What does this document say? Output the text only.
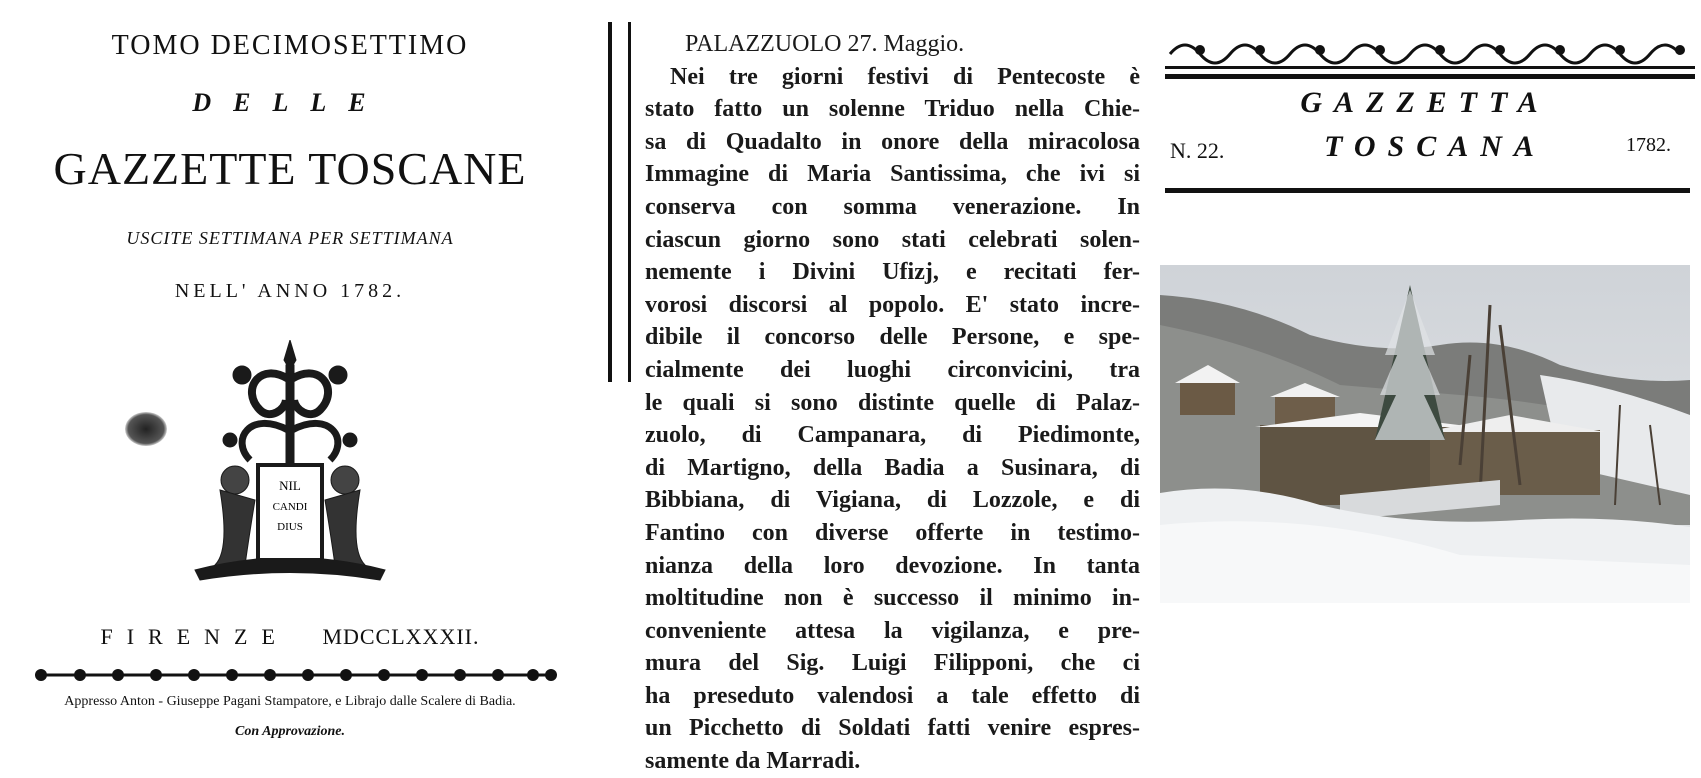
TOMO DECIMOSETTIMO
DELLE
GAZZETTE TOSCANE
USCITE SETTIMANA PER SETTIMANA
NELL' ANNO 1782.
NIL
CANDI
DIUS
FIRENZE MDCCLXXXII.
Appresso Anton - Giuseppe Pagani Stampatore, e Librajo dalle Scalere di Badia.
Con Approvazione.
PALAZZUOLO 27. Maggio.
Nei tre giorni festivi di Pentecoste è
stato fatto un solenne Triduo nella Chie-
sa di Quadalto in onore della miracolosa
Immagine di Maria Santissima, che ivi si
conserva con somma venerazione. In
ciascun giorno sono stati celebrati solen-
nemente i Divini Ufizj, e recitati fer-
vorosi discorsi al popolo. E' stato incre-
dibile il concorso delle Persone, e spe-
cialmente dei luoghi circonvicini, tra
le quali si sono distinte quelle di Palaz-
zuolo, di Campanara, di Piedimonte,
di Martigno, della Badia a Susinara, di
Bibbiana, di Vigiana, di Lozzole, e di
Fantino con diverse offerte in testimo-
nianza della loro devozione. In tanta
moltitudine non è successo il minimo in-
conveniente attesa la vigilanza, e pre-
mura del Sig. Luigi Filipponi, che ci
ha preseduto valendosi a tale effetto di
un Picchetto di Soldati fatti venire espres-
samente da Marradi.
GAZZETTA
N. 22.	TOSCANA	1782.
